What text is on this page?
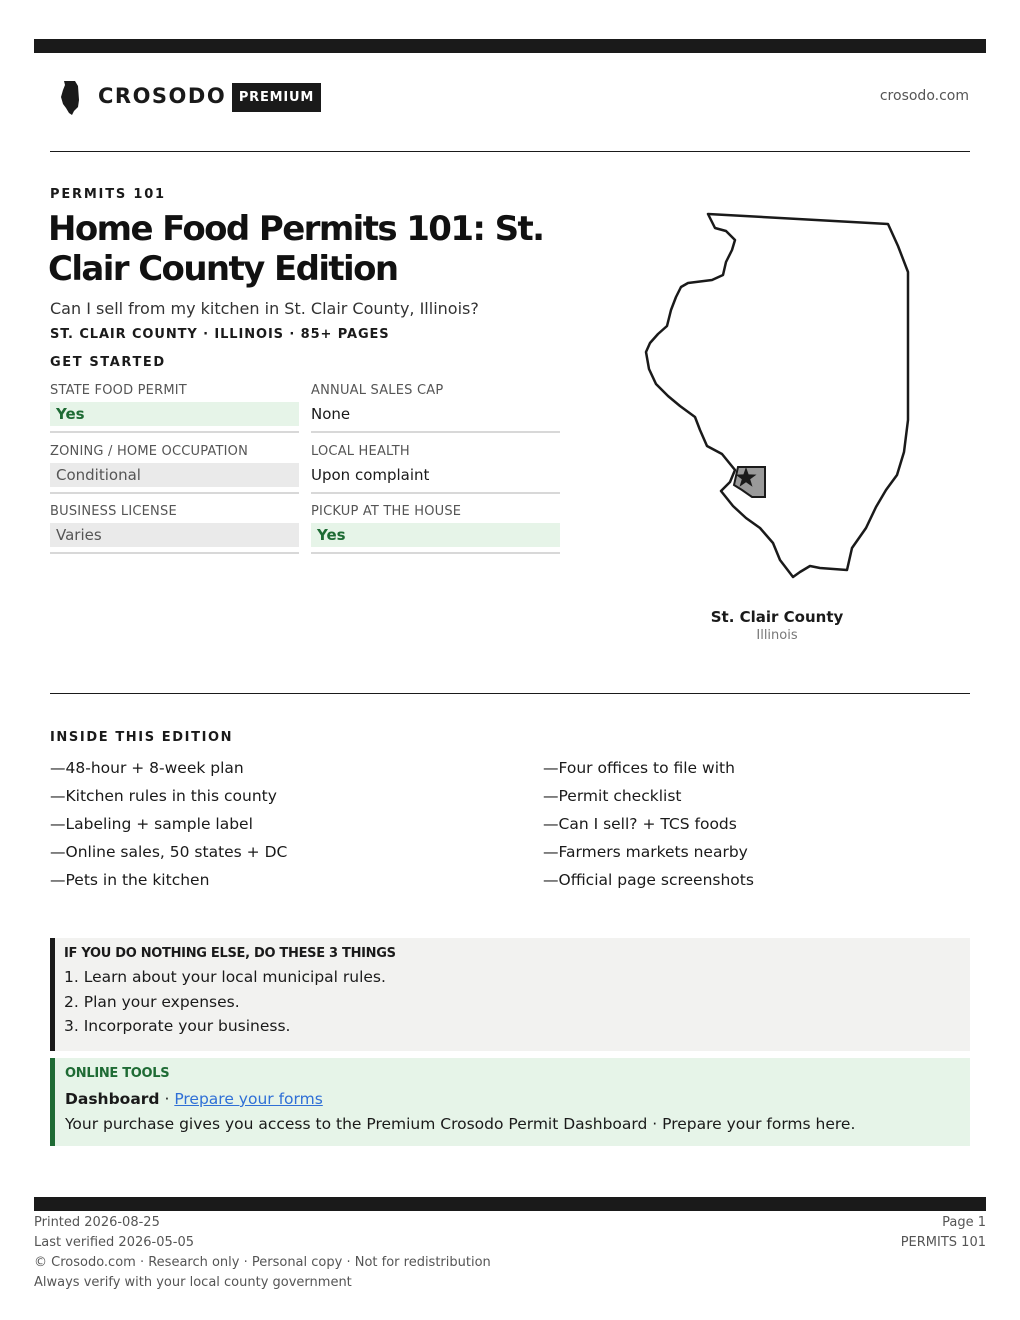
CROSODO PREMIUM	crosodo.com
PERMITS 101
Home Food Permits 101: St. Clair County Edition
Can I sell from my kitchen in St. Clair County, Illinois?
ST. CLAIR COUNTY · ILLINOIS · 85+ PAGES
GET STARTED
STATE FOOD PERMIT
Yes
ANNUAL SALES CAP
None
ZONING / HOME OCCUPATION
Conditional
LOCAL HEALTH
Upon complaint
BUSINESS LICENSE
Varies
PICKUP AT THE HOUSE
Yes
St. Clair County
Illinois
INSIDE THIS EDITION
—48-hour + 8-week plan
—Kitchen rules in this county
—Labeling + sample label
—Online sales, 50 states + DC
—Pets in the kitchen
—Four offices to file with
—Permit checklist
—Can I sell? + TCS foods
—Farmers markets nearby
—Official page screenshots
IF YOU DO NOTHING ELSE, DO THESE 3 THINGS
1. Learn about your local municipal rules.
2. Plan your expenses.
3. Incorporate your business.
ONLINE TOOLS
Dashboard · Prepare your forms
Your purchase gives you access to the Premium Crosodo Permit Dashboard · Prepare your forms here.
Printed 2026-08-25
Last verified 2026-05-05
© Crosodo.com · Research only · Personal copy · Not for redistribution
Always verify with your local county government
Page 1
PERMITS 101
